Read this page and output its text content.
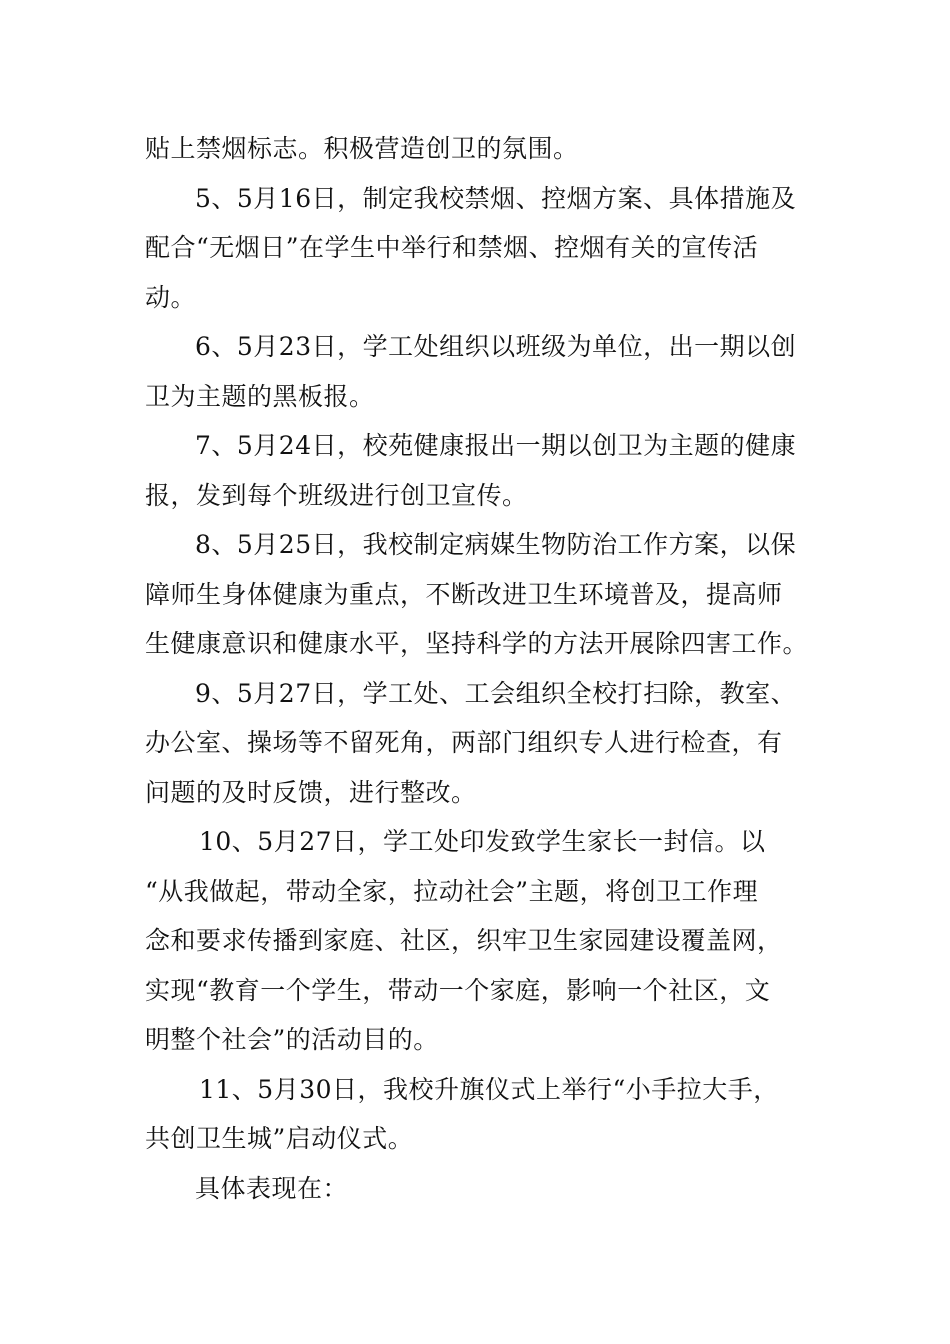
贴上禁烟标志。积极营造创卫的氛围。
5、5月16日，制定我校禁烟、控烟方案、具体措施及
配合“无烟日”在学生中举行和禁烟、控烟有关的宣传活
动。
6、5月23日，学工处组织以班级为单位，出一期以创
卫为主题的黑板报。
7、5月24日，校苑健康报出一期以创卫为主题的健康
报，发到每个班级进行创卫宣传。
8、5月25日，我校制定病媒生物防治工作方案，以保
障师生身体健康为重点，不断改进卫生环境普及，提高师
生健康意识和健康水平，坚持科学的方法开展除四害工作。
9、5月27日，学工处、工会组织全校打扫除，教室、
办公室、操场等不留死角，两部门组织专人进行检查，有
问题的及时反馈，进行整改。
10、5月27日，学工处印发致学生家长一封信。以
“从我做起，带动全家，拉动社会”主题，将创卫工作理
念和要求传播到家庭、社区，织牢卫生家园建设覆盖网，
实现“教育一个学生，带动一个家庭，影响一个社区，文
明整个社会”的活动目的。
11、5月30日，我校升旗仪式上举行“小手拉大手，
共创卫生城”启动仪式。
具体表现在：
